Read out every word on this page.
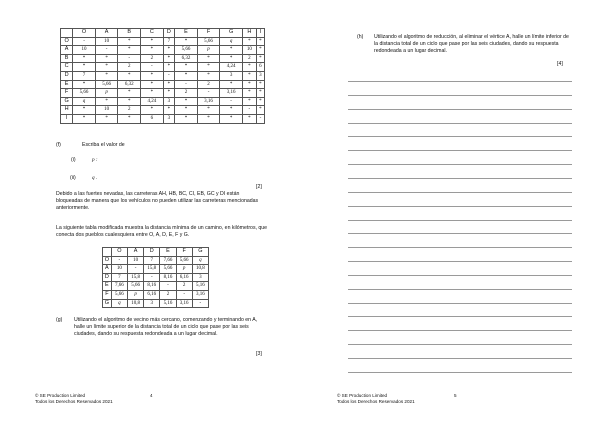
	O	A	B	C	D	E	F	G	H	I
O	-	10	*	*	7	*	5,66	q	*	*
A	10	-	*	*	*	5,66	p	*	10	*
B	*	*	-	2	*	6,32	*	*	2	*
C	*	*	2	-	*	*	*	4,24	*	6
D	7	*	*	*	-	*	*	3	*	3
E	*	5,66	6,32	*	*	-	2	*	*	*
F	5,66	p	*	*	*	2	-	3,16	*	*
G	q	*	*	4,24	3	*	3,16	-	*	*
H	*	10	2	*	*	*	*	*	-	*
I	*	*	*	6	3	*	*	*	*	-

(f)	Escriba el valor de

(i)	p :

(ii)	q .

[2]

Debido a las fuertes nevadas, las carreteras AH, HB, BC, CI, EB, GC y DI están bloqueadas de manera que los vehículos no pueden utilizar las carreteras mencionadas anteriormente.

La siguiente tabla modificada muestra la distancia mínima de un camino, en kilómetros, que conecta dos pueblos cualesquiera entre O, A, D, E, F y G.

	O	A	D	E	F	G
O	-	10	7	7,66	5,66	q
A	10	-	15,8	5,66	p	10,8
D	7	15,8	-	8,16	6,16	3
E	7,66	5,66	8,16	-	2	5,16
F	5,66	p	6,16	2	-	3,16
G	q	10,8	3	5,16	3,16	-

(g) Utilizando el algoritmo de vecino más cercano, comenzando y terminando en A, halle un límite superior de la distancia total de un ciclo que pase por las seis ciudades, dando su respuesta redondeada a un lugar decimal.

[3]
© SE Production Limited
Todos los Derechos Reservados 2021
4

(h) Utilizando el algoritmo de reducción, al eliminar el vértice A, halle un límite inferior de la distancia total de un ciclo que pase por las seis ciudades, dando su respuesta redondeada a un lugar decimal.

[4]
© SE Production Limited
Todos los Derechos Reservados 2021
5
